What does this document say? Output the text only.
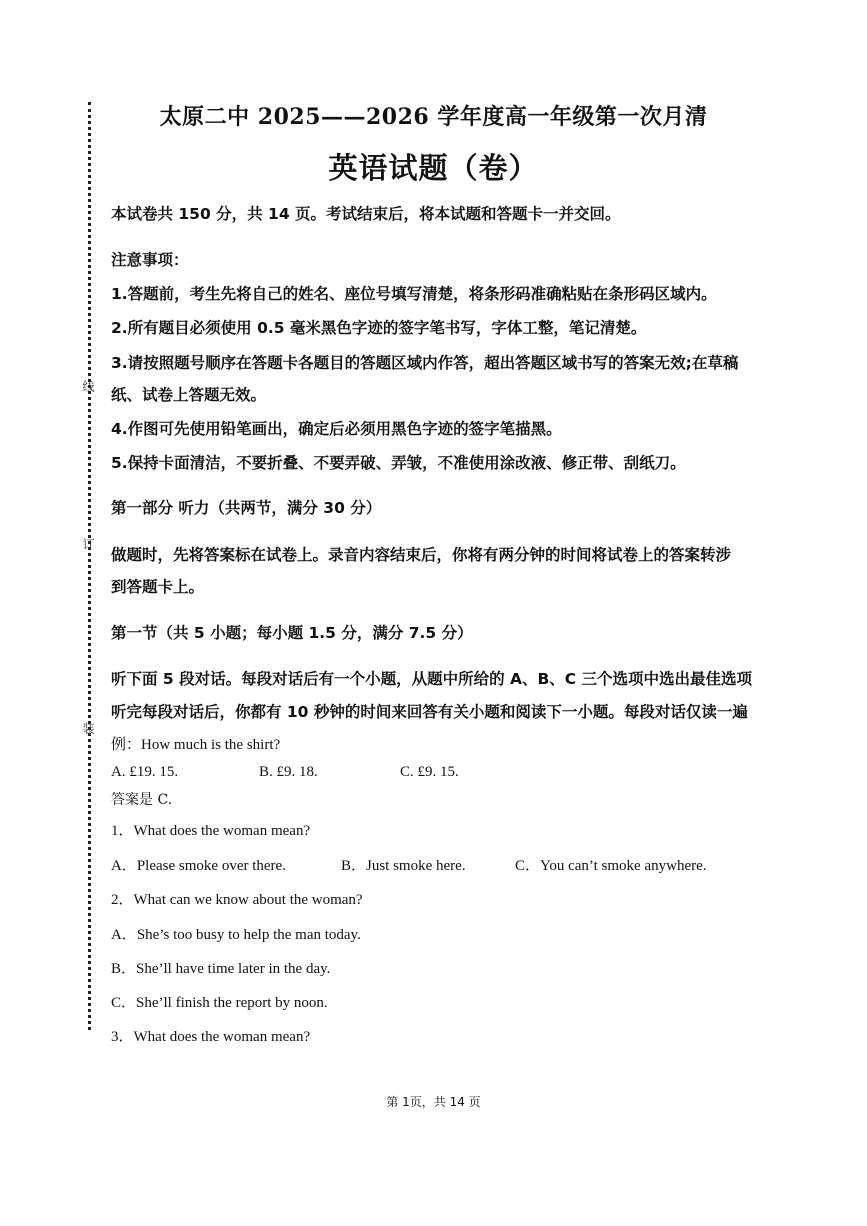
线
订
装
太原二中 2025——2026 学年度高一年级第一次月清
英语试题（卷）
本试卷共 150 分，共 14 页。考试结束后，将本试题和答题卡一并交回。
注意事项：
1.答题前，考生先将自己的姓名、座位号填写清楚，将条形码准确粘贴在条形码区域内。
2.所有题目必须使用 0.5 毫米黑色字迹的签字笔书写，字体工整，笔记清楚。
3.请按照题号顺序在答题卡各题目的答题区域内作答，超出答题区域书写的答案无效;在草稿
纸、试卷上答题无效。
4.作图可先使用铅笔画出，确定后必须用黑色字迹的签字笔描黑。
5.保持卡面清洁，不要折叠、不要弄破、弄皱，不准使用涂改液、修正带、刮纸刀。
第一部分 听力（共两节，满分 30 分）
做题时，先将答案标在试卷上。录音内容结束后，你将有两分钟的时间将试卷上的答案转涉
到答题卡上。
第一节（共 5 小题；每小题 1.5 分，满分 7.5 分）
听下面 5 段对话。每段对话后有一个小题，从题中所给的 A、B、C 三个选项中选出最佳选项
听完每段对话后，你都有 10 秒钟的时间来回答有关小题和阅读下一小题。每段对话仅读一遍
例：How much is the shirt?
A. £19. 15.	B. £9. 18.	C. £9. 15.
答案是 C.
1．What does the woman mean?
A．Please smoke over there.	B．Just smoke here.	C．You can’t smoke anywhere.
2．What can we know about the woman?
A．She’s too busy to help the man today.
B．She’ll have time later in the day.
C．She’ll finish the report by noon.
3．What does the woman mean?
第 1页，共 14 页
